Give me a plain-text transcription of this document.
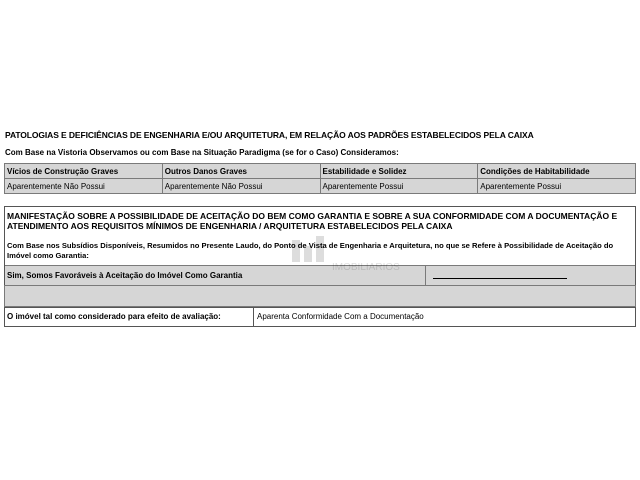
PATOLOGIAS E DEFICIÊNCIAS DE ENGENHARIA E/OU ARQUITETURA, EM RELAÇÃO AOS PADRÕES ESTABELECIDOS PELA CAIXA
Com Base na Vistoria Observamos ou com Base na Situação Paradigma (se for o Caso) Consideramos:
Vícios de Construção Graves	Outros Danos Graves	Estabilidade e Solidez	Condições de Habitabilidade
Aparentemente Não Possui	Aparentemente Não Possui	Aparentemente Possui	Aparentemente Possui
MANIFESTAÇÃO SOBRE A POSSIBILIDADE DE ACEITAÇÃO DO BEM COMO GARANTIA E SOBRE A SUA CONFORMIDADE COM A DOCUMENTAÇÃO E ATENDIMENTO AOS REQUISITOS MÍNIMOS DE ENGENHARIA / ARQUITETURA ESTABELECIDOS PELA CAIXA
Com Base nos Subsídios Disponíveis, Resumidos no Presente Laudo, do Ponto de Vista de Engenharia e Arquitetura, no que se Refere à Possibilidade de Aceitação do Imóvel como Garantia:
Sim, Somos Favoráveis à Aceitação do Imóvel Como Garantia
IMOBILIARIOS
O imóvel tal como considerado para efeito de avaliação:	Aparenta Conformidade Com a Documentação
